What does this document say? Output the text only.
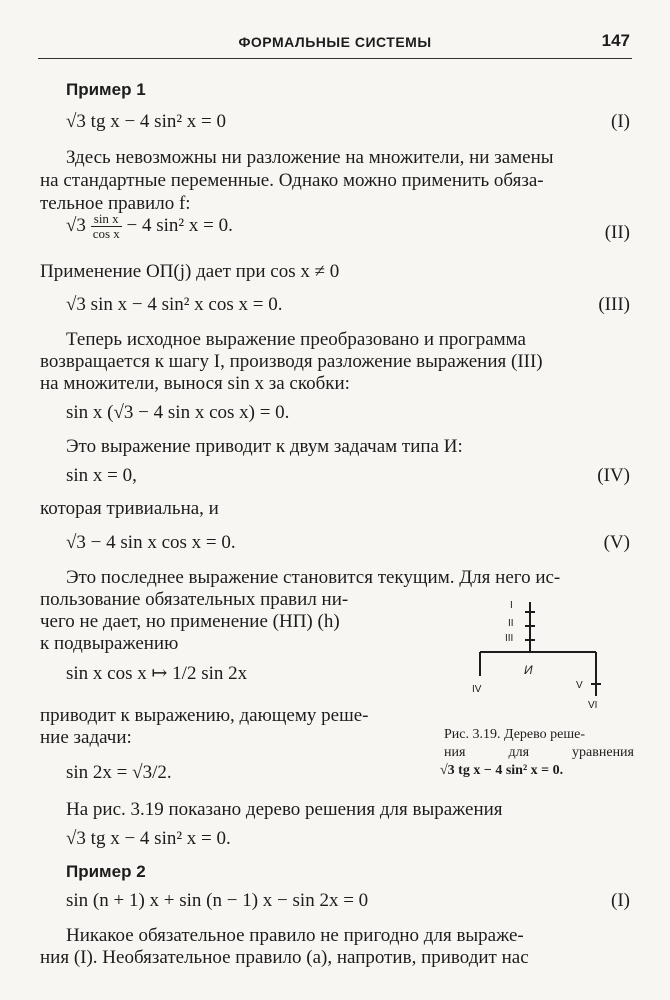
ФОРМАЛЬНЫЕ СИСТЕМЫ	147
Пример 1
√3 tg x − 4 sin² x = 0	(I)
Здесь невозможны ни разложение на множители, ни замены
на стандартные переменные. Однако можно применить обяза-
тельное правило f:
$√3 \frac{\text{sin x}}{\text{cos x}} - 4$ sin² x = 0.	(II)
Применение ОП(j) дает при cos x ≠ 0
√3 sin x − 4 sin² x cos x = 0.	(III)
Теперь исходное выражение преобразовано и программа
возвращается к шагу I, производя разложение выражения (III)
на множители, вынося sin x за скобки:
sin x (√3 − 4 sin x cos x) = 0.
Это выражение приводит к двум задачам типа И:
sin x = 0,	(IV)
которая тривиальна, и
√3 − 4 sin x cos x = 0.	(V)
Это последнее выражение становится текущим. Для него ис-
пользование обязательных правил ни-
чего не дает, но применение (НП) (h)
к подвыражению
sin x cos x ↦ 1/2 sin 2x
приводит к выражению, дающему реше-
ние задачи:
sin 2x = √3/2.
На рис. 3.19 показано дерево решения для выражения
√3 tg x − 4 sin² x = 0.
Пример 2
sin (n + 1) x + sin (n − 1) x − sin 2x = 0	(I)
Никакое обязательное правило не пригодно для выраже-
ния (I). Необязательное правило (a), напротив, приводит нас
I
II
III
И
IV	V
VI
Рис. 3.19. Дерево реше-
ния для уравнения
√3 tg x − 4 sin² x = 0.
